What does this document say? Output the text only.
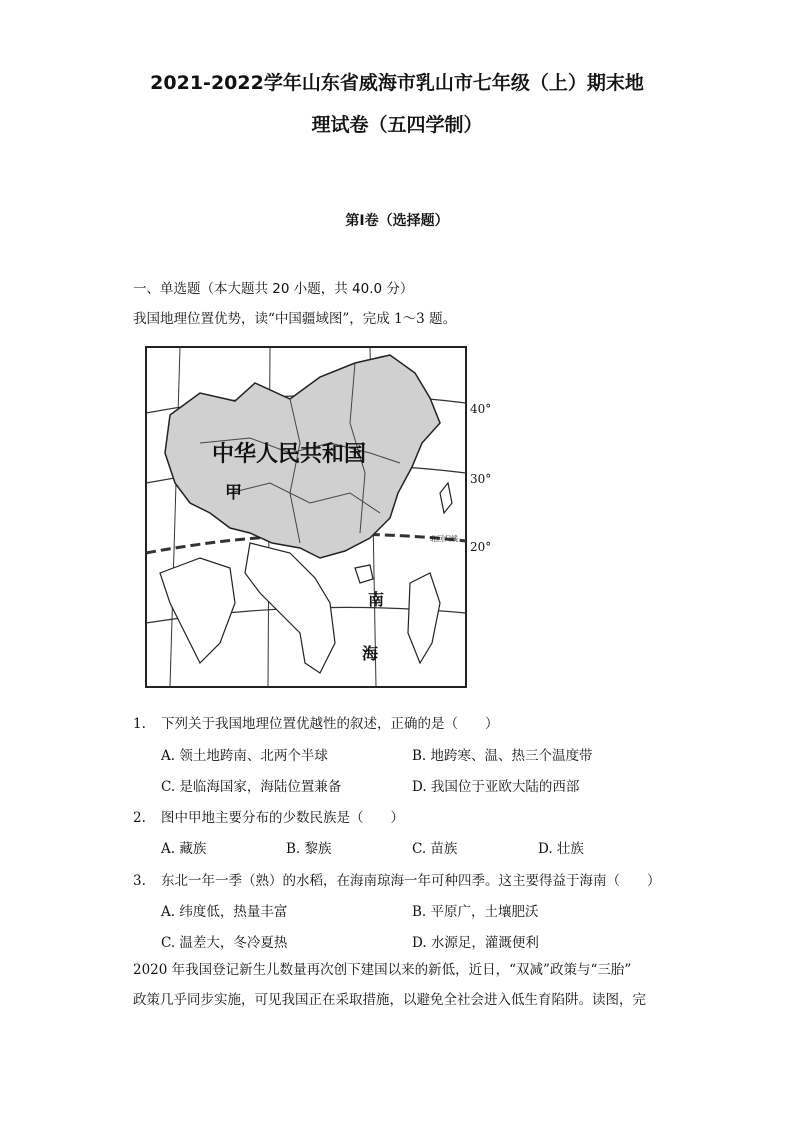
2021-2022学年山东省威海市乳山市七年级（上）期末地
理试卷（五四学制）
第Ⅰ卷（选择题）
一、单选题（本大题共 20 小题，共 40.0 分）
我国地理位置优势，读“中国疆域图”，完成 1～3 题。
中华人民共和国
甲
南
海
北回归线
40°
30°
20°
1. 下列关于我国地理位置优越性的叙述，正确的是（　　）
A. 领土地跨南、北两个半球	B. 地跨寒、温、热三个温度带
C. 是临海国家，海陆位置兼备	D. 我国位于亚欧大陆的西部
2. 图中甲地主要分布的少数民族是（　　）
A. 藏族	B. 黎族	C. 苗族	D. 壮族
3. 东北一年一季（熟）的水稻，在海南琼海一年可种四季。这主要得益于海南（　　）
A. 纬度低，热量丰富	B. 平原广，土壤肥沃
C. 温差大，冬冷夏热	D. 水源足，灌溉便利
2020 年我国登记新生儿数量再次创下建国以来的新低，近日，“双减”政策与“三胎”
政策几乎同步实施，可见我国正在采取措施，以避免全社会进入低生育陷阱。读图，完
